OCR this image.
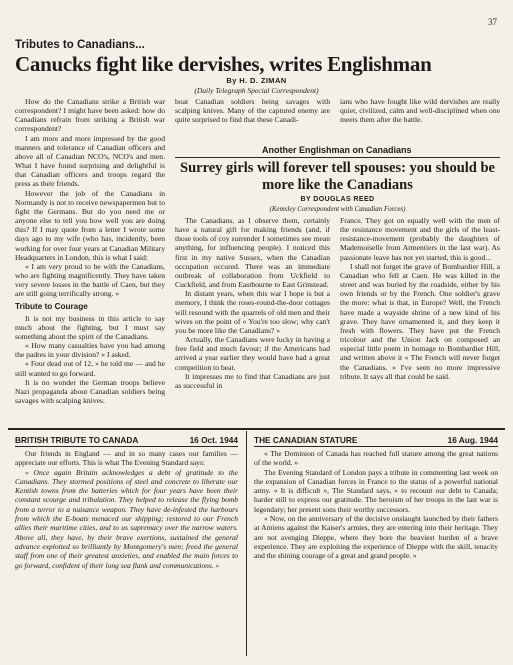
37
Tributes to Canadians...
Canucks fight like dervishes, writes Englishman
By H. D. ZIMAN
(Daily Telegraph Special Correspondent)

How do the Canadians strike a British war correspondent? I might have been asked: how do Canadians refrain from striking a British war correspondent?

I am more and more impressed by the good manners and tolerance of Canadian officers and above all of Canadian NCO's, NCO's and men. What I have found surprising and delightful is that Canadian officers and troops regard the press as their friends.

However the job of the Canadians in Normandy is not to receive newspapermen but to fight the Germans. But do you need me or anyone else to tell you how well you are doing this? If I may quote from a letter I wrote some days ago to my wife (who has, incidently, been working for over four years at Canadian Military Headquarters in London, this is what I said:

« I am very proud to be with the Canadians, who are fighting magnificently. They have taken very severe losses in the battle of Caen, but they are still going terrifically strong. »

Tribute to Courage

It is not my business in this article to say much about the fighting, but I must say something about the spirit of the Canadians.

« How many casualties have you had among the padres in your division? » I asked.

« Four dead out of 12, » he told me — and he still wanted to go forward.

It is no wonder the German troops believe Nazi propaganda about Canadian soldiers being savages with scalping knives.

boat Canadian soldiers being savages with scalping knives. Many of the captured enemy are quite surprised to find that these Canadi-

ians who have fought like wild dervishes are really quiet, civilized, calm and well-disciplined when one meets them after the battle.

Another Englishman on Canadians
Surrey girls will forever tell spouses: you should be more like the Canadians
BY DOUGLAS REED
(Kemsley Correspondent with Canadian Forces)

The Canadians, as I observe them, certainly have a natural gift for making friends (and, if those tools of coy surrender I sometimes see mean anything, for influencing people). I noticed this first in my native Sussex, when the Canadian occupation occured. There was an immediate outbreak of collaboration from Uckfield to Cuckfield, and from Eastbourne to East Grinstead.

In distant years, when this war I hope is but a memory, I think the roses-round-the-door cottages will resound with the quarrels of old men and their wives on the point of « You're too slow; why can't you be more like the Canadians? »

Actually, the Canadians were lucky in having a free field and much favour; if the Americans had arrived a year earlier they would have had a great competition to beat.

It impresses me to find that Canadians are just as successful in

France. They got on equally well with the men of the resistance movement and the girls of the least-resistance-movement (probably the daughters of Mademoiselle from Armentiers in the last war). As passionate leave has not yet started, this is good...

I shall not forget the grave of Bombardier Hill, a Canadian who fell at Caen. He was killed in the street and was buried by the roadside, either by his own friends or by the French. One soldier's grave the more: what is that, in Europe? Well, the French have made a wayside shrine of a new kind of his grave. They have ornamented it, and they keep it fresh with flowers. They have put the French tricolour and the Union Jack on composed an especial little poem in homage to Bombardier Hill, and written above it « The French will never forget the Canadians. » I've seen no more impressive tribute. It says all that could be said.

BRITISH TRIBUTE TO CANADA	16 Oct. 1944

Our friends in England — and in so many cases our families — appreciate our efforts. This is what The Evening Standard says:

« Once again Britain acknowledges a debt of gratitude to the Canadians. They stormed positions of steel and concrete to liberate our Kentish towns from the batteries which for four years have been their constant scourge and tribulation. They helped to release the flying bomb from a terror to a nuisance weapon. They have de-infested the harbours from which the E-boats menaced our shipping; restored to our French allies their maritime cities, and to us supremacy over the narrow waters. Above all, they have, by their brave exertions, sustained the general advance exploited so brilliantly by Montgomery's men; freed the general staff from one of their greatest anxieties, and enabled the main forces to go forward, confident of their long sea flank and communications. »

THE CANADIAN STATURE	16 Aug. 1944

« The Dominion of Canada has reached full stature among the great nations of the world. »

The Evening Standard of London pays a tribute in commenting last week on the expansion of Canadian forces in France to the status of a powerful national army. « It is difficult », The Standard says, « to recount our debt to Canada; harder still to express our gratitude. The heroism of her troops in the last war is legendary; her present sons their worthy successors.

« Now, on the anniversary of the decisive onslaught launched by their fathers at Amiens against the Kaiser's armies, they are entering into their heritage. They are not avenging Dieppe, where they bore the heaviest burden of a brave experience. They are exploiting the experience of Dieppe with the skill, tenacity and the shining courage of a great and grand people. »
